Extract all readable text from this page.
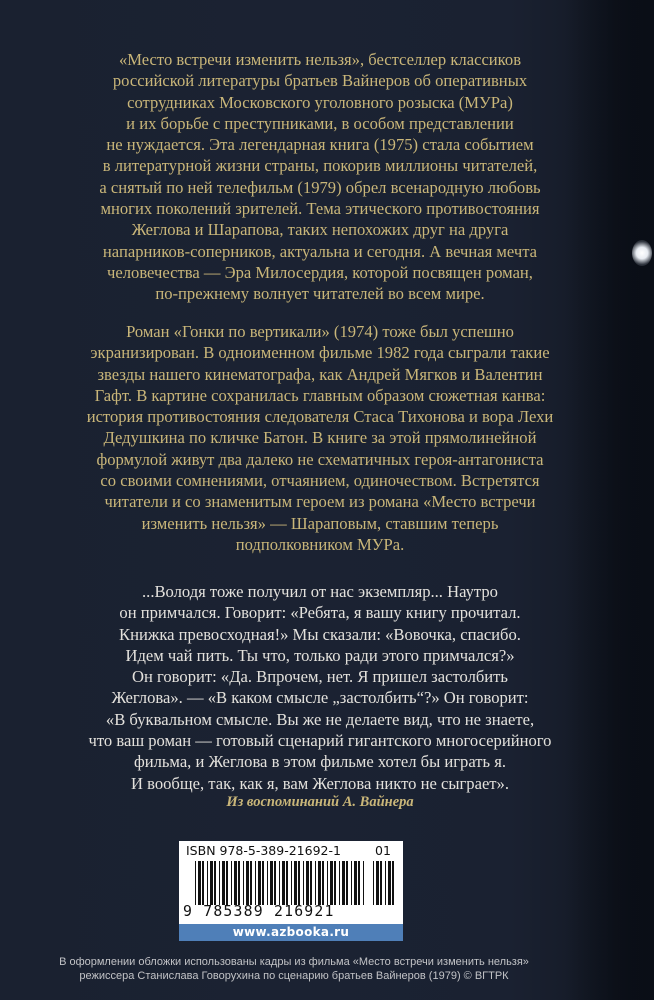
«Место встречи изменить нельзя», бестселлер классиков
российской литературы братьев Вайнеров об оперативных
сотрудниках Московского уголовного розыска (МУРа)
и их борьбе с преступниками, в особом представлении
не нуждается. Эта легендарная книга (1975) стала событием
в литературной жизни страны, покорив миллионы читателей,
а снятый по ней телефильм (1979) обрел всенародную любовь
многих поколений зрителей. Тема этического противостояния
Жеглова и Шарапова, таких непохожих друг на друга
напарников-соперников, актуальна и сегодня. А вечная мечта
человечества — Эра Милосердия, которой посвящен роман,
по-прежнему волнует читателей во всем мире.
Роман «Гонки по вертикали» (1974) тоже был успешно
экранизирован. В одноименном фильме 1982 года сыграли такие
звезды нашего кинематографа, как Андрей Мягков и Валентин
Гафт. В картине сохранилась главным образом сюжетная канва:
история противостояния следователя Стаса Тихонова и вора Лехи
Дедушкина по кличке Батон. В книге за этой прямолинейной
формулой живут два далеко не схематичных героя-антагониста
со своими сомнениями, отчаянием, одиночеством. Встретятся
читатели и со знаменитым героем из романа «Место встречи
изменить нельзя» — Шараповым, ставшим теперь
подполковником МУРа.
...Володя тоже получил от нас экземпляр... Наутро
он примчался. Говорит: «Ребята, я вашу книгу прочитал.
Книжка превосходная!» Мы сказали: «Вовочка, спасибо.
Идем чай пить. Ты что, только ради этого примчался?»
Он говорит: «Да. Впрочем, нет. Я пришел застолбить
Жеглова». — «В каком смысле „застолбить“?» Он говорит:
«В буквальном смысле. Вы же не делаете вид, что не знаете,
что ваш роман — готовый сценарий гигантского многосерийного
фильма, и Жеглова в этом фильме хотел бы играть я.
И вообще, так, как я, вам Жеглова никто не сыграет».
Из воспоминаний А. Вайнера
ISBN 978-5-389-21692-1	01
9 785389 216921
www.azbooka.ru
В оформлении обложки использованы кадры из фильма «Место встречи изменить нельзя»
режиссера Станислава Говорухина по сценарию братьев Вайнеров (1979) © ВГТРК
